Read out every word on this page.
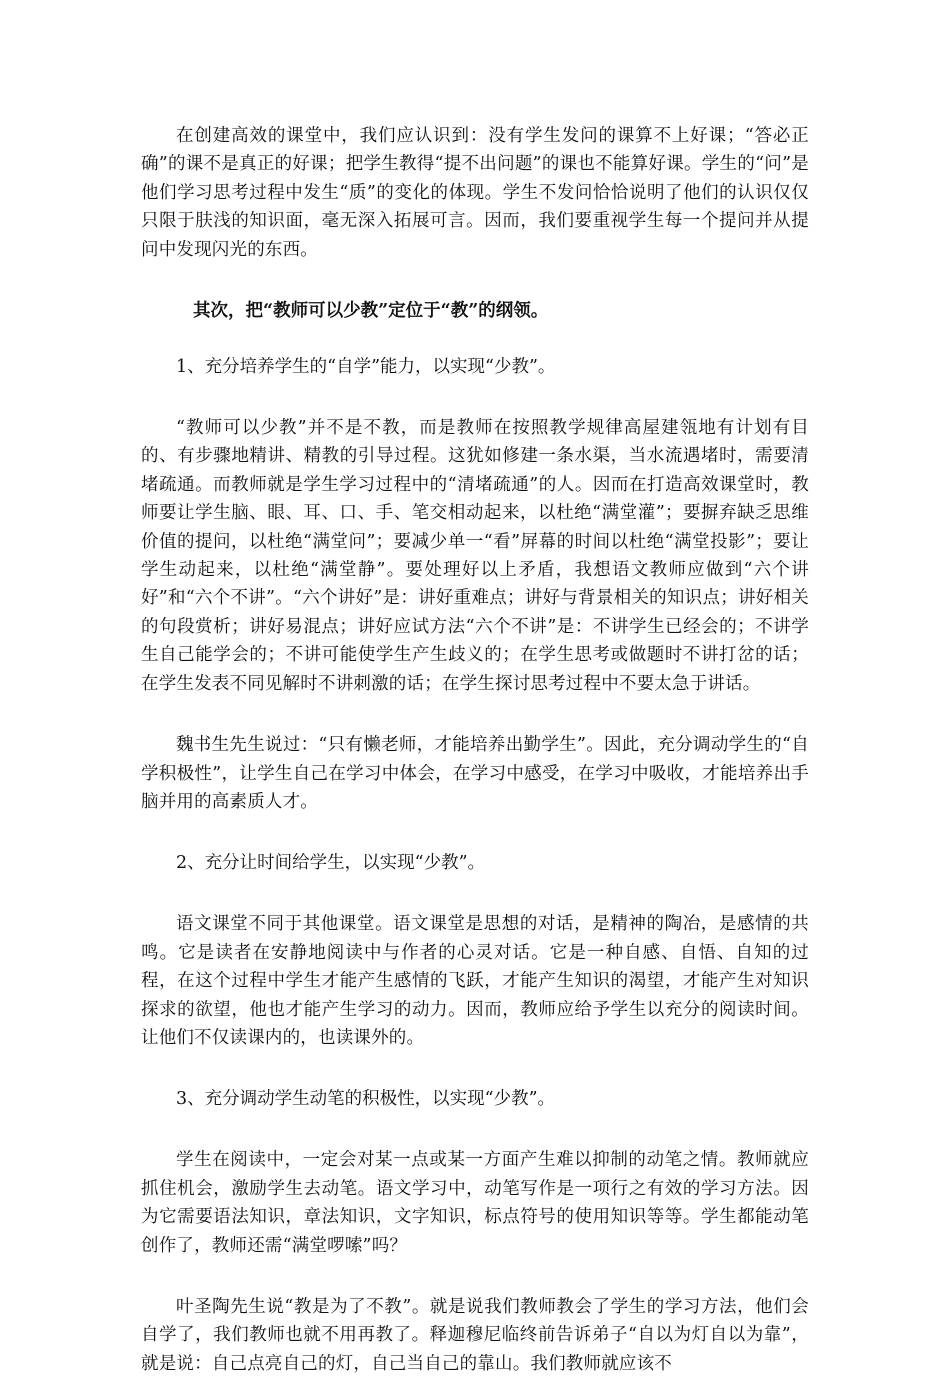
在创建高效的课堂中，我们应认识到：没有学生发问的课算不上好课；“答必正确”的课不是真正的好课；把学生教得“提不出问题”的课也不能算好课。学生的“问”是他们学习思考过程中发生“质”的变化的体现。学生不发问恰恰说明了他们的认识仅仅只限于肤浅的知识面，毫无深入拓展可言。因而，我们要重视学生每一个提问并从提问中发现闪光的东西。

其次，把“教师可以少教”定位于“教”的纲领。

1、充分培养学生的“自学”能力，以实现“少教”。

“教师可以少教”并不是不教，而是教师在按照教学规律高屋建瓴地有计划有目的、有步骤地精讲、精教的引导过程。这犹如修建一条水渠，当水流遇堵时，需要清堵疏通。而教师就是学生学习过程中的“清堵疏通”的人。因而在打造高效课堂时，教师要让学生脑、眼、耳、口、手、笔交相动起来，以杜绝“满堂灌”；要摒弃缺乏思维价值的提问，以杜绝“满堂问”；要减少单一“看”屏幕的时间以杜绝“满堂投影”；要让学生动起来，以杜绝“满堂静”。要处理好以上矛盾，我想语文教师应做到“六个讲好”和“六个不讲”。“六个讲好”是：讲好重难点；讲好与背景相关的知识点；讲好相关的句段赏析；讲好易混点；讲好应试方法“六个不讲”是：不讲学生已经会的；不讲学生自己能学会的；不讲可能使学生产生歧义的；在学生思考或做题时不讲打岔的话；在学生发表不同见解时不讲刺激的话；在学生探讨思考过程中不要太急于讲话。

魏书生先生说过：“只有懒老师，才能培养出勤学生”。因此，充分调动学生的“自学积极性”，让学生自己在学习中体会，在学习中感受，在学习中吸收，才能培养出手脑并用的高素质人才。

2、充分让时间给学生，以实现“少教”。

语文课堂不同于其他课堂。语文课堂是思想的对话，是精神的陶冶，是感情的共鸣。它是读者在安静地阅读中与作者的心灵对话。它是一种自感、自悟、自知的过程，在这个过程中学生才能产生感情的飞跃，才能产生知识的渴望，才能产生对知识探求的欲望，他也才能产生学习的动力。因而，教师应给予学生以充分的阅读时间。让他们不仅读课内的，也读课外的。

3、充分调动学生动笔的积极性，以实现“少教”。

学生在阅读中，一定会对某一点或某一方面产生难以抑制的动笔之情。教师就应抓住机会，激励学生去动笔。语文学习中，动笔写作是一项行之有效的学习方法。因为它需要语法知识，章法知识，文字知识，标点符号的使用知识等等。学生都能动笔创作了，教师还需“满堂啰嗦”吗？

叶圣陶先生说“教是为了不教”。就是说我们教师教会了学生的学习方法，他们会自学了，我们教师也就不用再教了。释迦穆尼临终前告诉弟子“自以为灯自以为靠”，就是说：自己点亮自己的灯，自己当自己的靠山。我们教师就应该不
